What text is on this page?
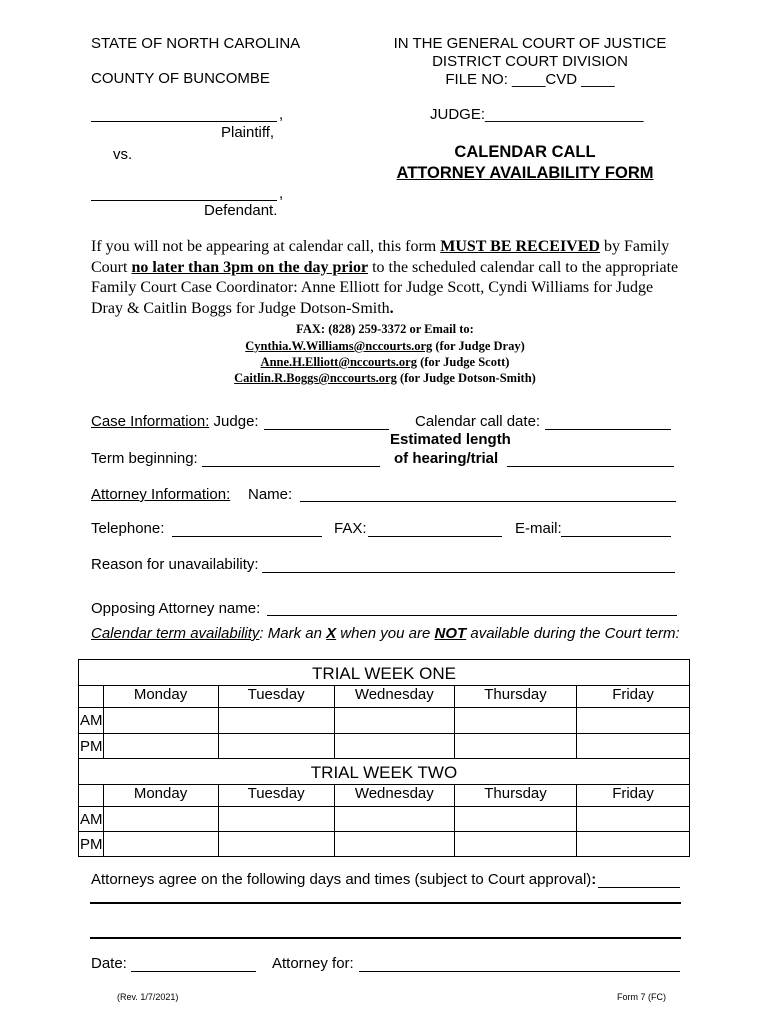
STATE OF NORTH CAROLINA
COUNTY OF BUNCOMBE
,
Plaintiff,
vs.
,
Defendant.
IN THE GENERAL COURT OF JUSTICE
DISTRICT COURT DIVISION
FILE NO: ____CVD ____
JUDGE:___________________
CALENDAR CALL
ATTORNEY AVAILABILITY FORM
If you will not be appearing at calendar call, this form MUST BE RECEIVED by Family Court no later than 3pm on the day prior to the scheduled calendar call to the appropriate Family Court Case Coordinator: Anne Elliott for Judge Scott, Cyndi Williams for Judge Dray & Caitlin Boggs for Judge Dotson-Smith.
FAX: (828) 259-3372 or Email to:
Cynthia.W.Williams@nccourts.org (for Judge Dray)
Anne.H.Elliott@nccourts.org (for Judge Scott)
Caitlin.R.Boggs@nccourts.org (for Judge Dotson-Smith)
Case Information: Judge:	Calendar call date:
Estimated length
Term beginning:	of hearing/trial
Attorney Information: Name:
Telephone:	FAX:	E-mail:
Reason for unavailability:
Opposing Attorney name:
Calendar term availability: Mark an X when you are NOT available during the Court term:
TRIAL WEEK ONE					
	Monday	Tuesday	Wednesday	Thursday	Friday
AM					
PM					
TRIAL WEEK TWO					
	Monday	Tuesday	Wednesday	Thursday	Friday
AM					
PM					
Attorneys agree on the following days and times (subject to Court approval):
Date:	Attorney for:
(Rev. 1/7/2021)	Form 7 (FC)
